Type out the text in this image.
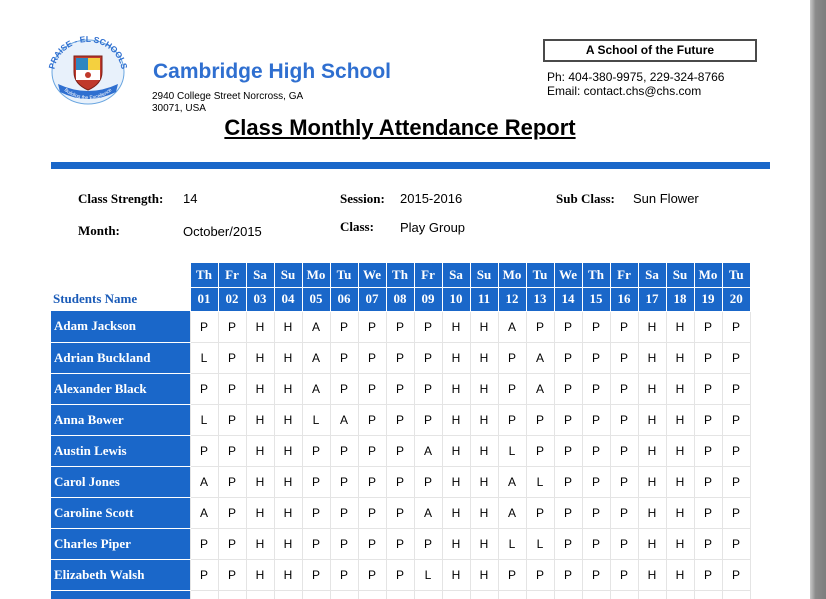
PRAISE - EL SCHOOLS
Building the Excellence
Cambridge High School
2940 College Street Norcross, GA
30071, USA
A School of the Future
Ph: 404-380-9975, 229-324-8766
Email: contact.chs@chs.com
Class Monthly Attendance Report
Class Strength: 14	Session: 2015-2016	Sub Class: Sun Flower
Month:	October/2015	Class: Play Group
	Th	Fr	Sa	Su	Mo	Tu	We	Th	Fr	Sa	Su	Mo	Tu	We	Th	Fr	Sa	Su	Mo	Tu
Students Name	01	02	03	04	05	06	07	08	09	10	11	12	13	14	15	16	17	18	19	20
Adam Jackson	P	P	H	H	A	P	P	P	P	H	H	A	P	P	P	P	H	H	P	P
Adrian Buckland	L	P	H	H	A	P	P	P	P	H	H	P	A	P	P	P	H	H	P	P
Alexander Black	P	P	H	H	A	P	P	P	P	H	H	P	A	P	P	P	H	H	P	P
Anna Bower	L	P	H	H	L	A	P	P	P	H	H	P	P	P	P	P	H	H	P	P
Austin Lewis	P	P	H	H	P	P	P	P	A	H	H	L	P	P	P	P	H	H	P	P
Carol Jones	A	P	H	H	P	P	P	P	P	H	H	A	L	P	P	P	H	H	P	P
Caroline Scott	A	P	H	H	P	P	P	P	A	H	H	A	P	P	P	P	H	H	P	P
Charles Piper	P	P	H	H	P	P	P	P	P	H	H	L	L	P	P	P	H	H	P	P
Elizabeth Walsh	P	P	H	H	P	P	P	P	L	H	H	P	P	P	P	P	H	H	P	P
